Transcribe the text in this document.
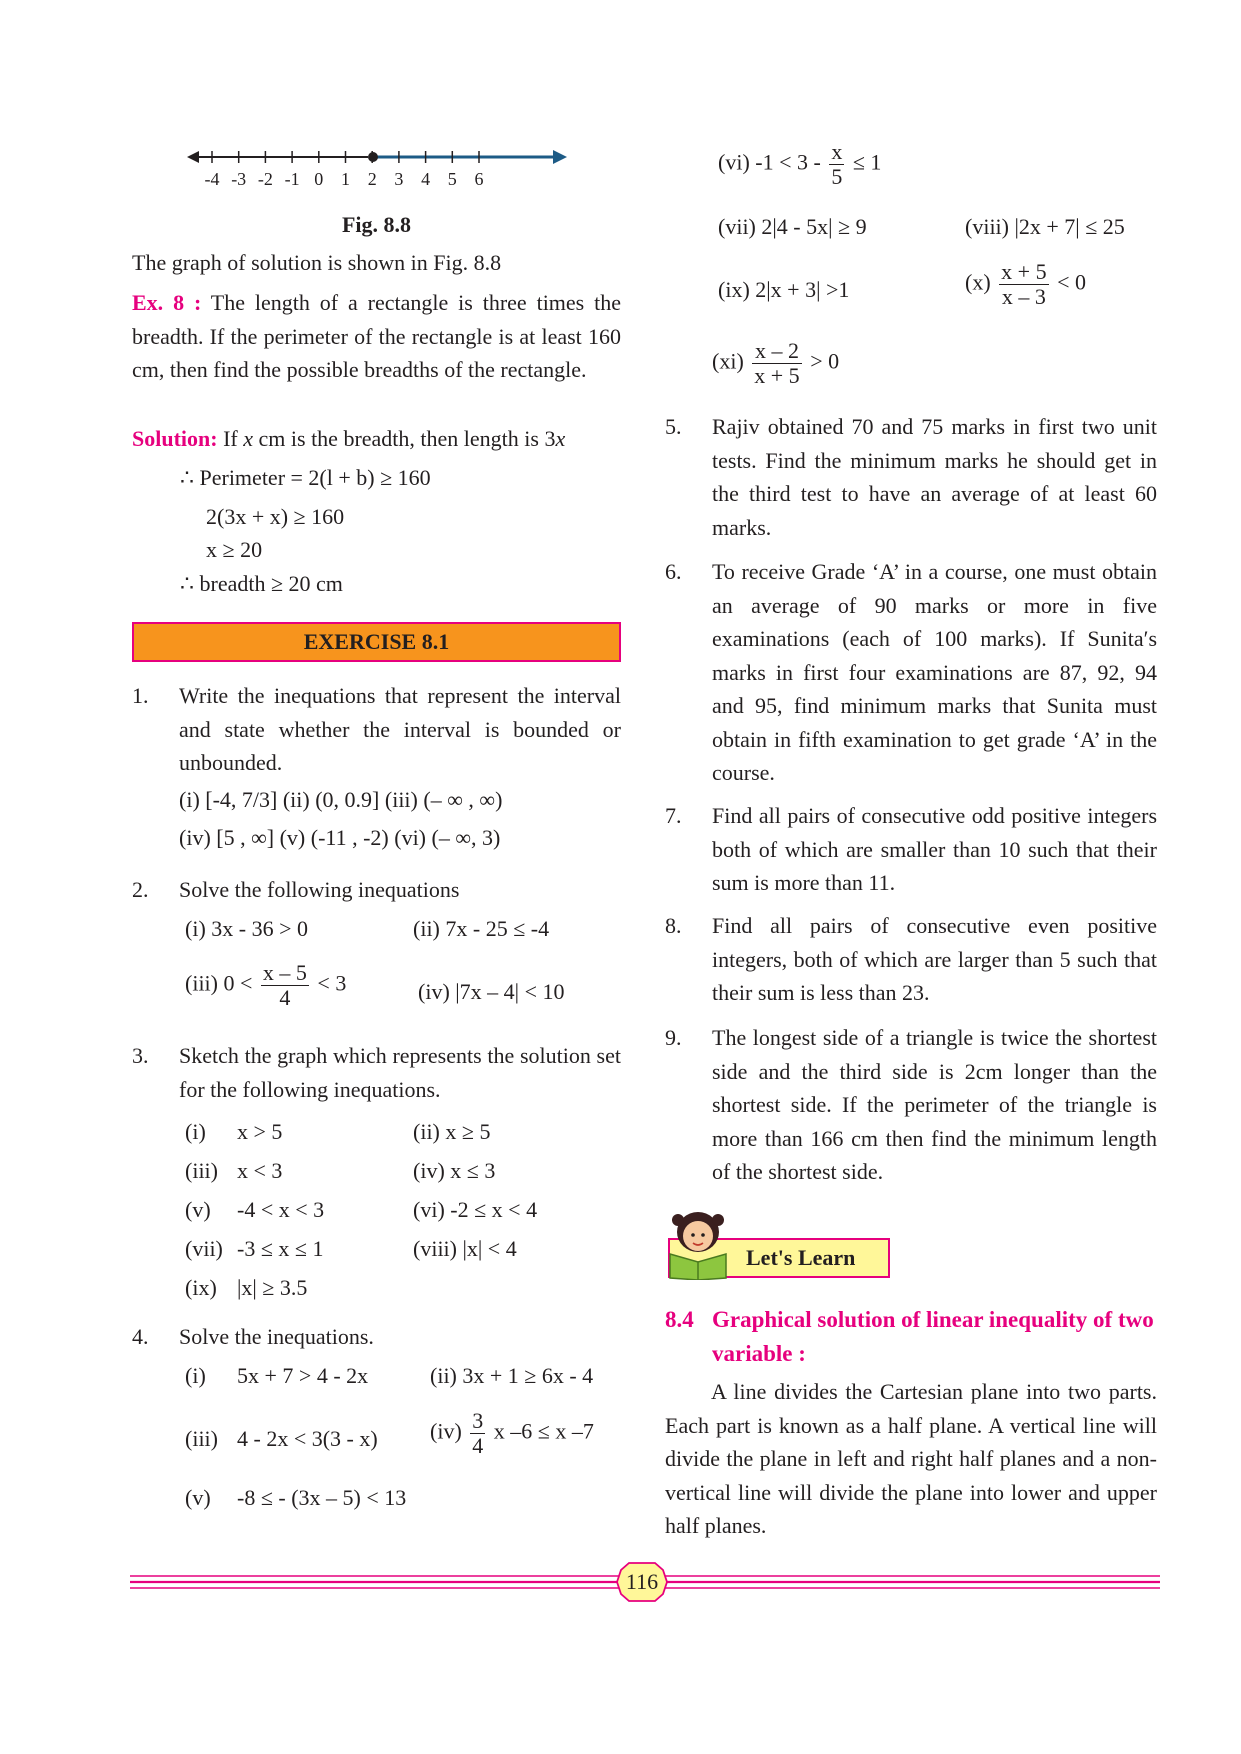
-4 -3 -2 -1 0 1 2 3 4 5 6
Fig. 8.8
The graph of solution is shown in Fig. 8.8
Ex. 8 : The length of a rectangle is three times the breadth. If the perimeter of the rectangle is at least 160 cm, then find the possible breadths of the rectangle.
Solution: If x cm is the breadth, then length is 3x
∴ Perimeter = 2(l + b) ≥ 160
2(3x + x) ≥ 160
x ≥ 20
∴ breadth ≥ 20 cm
EXERCISE 8.1
1. Write the inequations that represent the interval and state whether the interval is bounded or unbounded.
(i) [-4, 7/3] (ii) (0, 0.9] (iii) (– ∞ , ∞)
(iv) [5 , ∞] (v) (-11 , -2) (vi) (– ∞, 3)
2. Solve the following inequations
(i) 3x - 36 > 0	(ii) 7x - 25 ≤ -4
(iii) $0 < \frac{x - 5}{4} < 3$	(iv) |7x – 4| < 10
3. Sketch the graph which represents the solution set for the following inequations.
(i) x > 5	(ii) x ≥ 5
(iii) x < 3	(iv) x ≤ 3
(v) -4 < x < 3	(vi) -2 ≤ x < 4
(vii) -3 ≤ x ≤ 1	(viii) |x| < 4
(ix) |x| ≥ 3.5
4. Solve the inequations.
(i) 5x + 7 > 4 - 2x	(ii) 3x + 1 ≥ 6x - 4
(iii) 4 - 2x < 3(3 - x) $(iv) \frac{3}{4}$ x –6 ≤ x –7
(v) -8 ≤ - (3x – 5) < 13
(vi) $-1 < 3 - \frac{x}{5} \le 1$
(vii) 2|4 - 5x| ≥ 9	(viii) |2x + 7| ≤ 25
(ix) 2|x + 3| >1	$(x) \frac{x + 5}{x - 3} < 0$
$(xi) \frac{x - 2}{x + 5} > 0$
5. Rajiv obtained 70 and 75 marks in first two unit tests. Find the minimum marks he should get in the third test to have an average of at least 60 marks.
6. To receive Grade ‘A’ in a course, one must obtain an average of 90 marks or more in five examinations (each of 100 marks). If Sunita′s marks in first four examinations are 87, 92, 94 and 95, find minimum marks that Sunita must obtain in fifth examination to get grade ‘A’ in the course.
7. Find all pairs of consecutive odd positive integers both of which are smaller than 10 such that their sum is more than 11.
8. Find all pairs of consecutive even positive integers, both of which are larger than 5 such that their sum is less than 23.
9. The longest side of a triangle is twice the shortest side and the third side is 2cm longer than the shortest side. If the perimeter of the triangle is more than 166 cm then find the minimum length of the shortest side.
Let's Learn
8.4 Graphical solution of linear inequality of two variable :
A line divides the Cartesian plane into two parts. Each part is known as a half plane. A vertical line will divide the plane in left and right half planes and a non-vertical line will divide the plane into lower and upper half planes.
116
